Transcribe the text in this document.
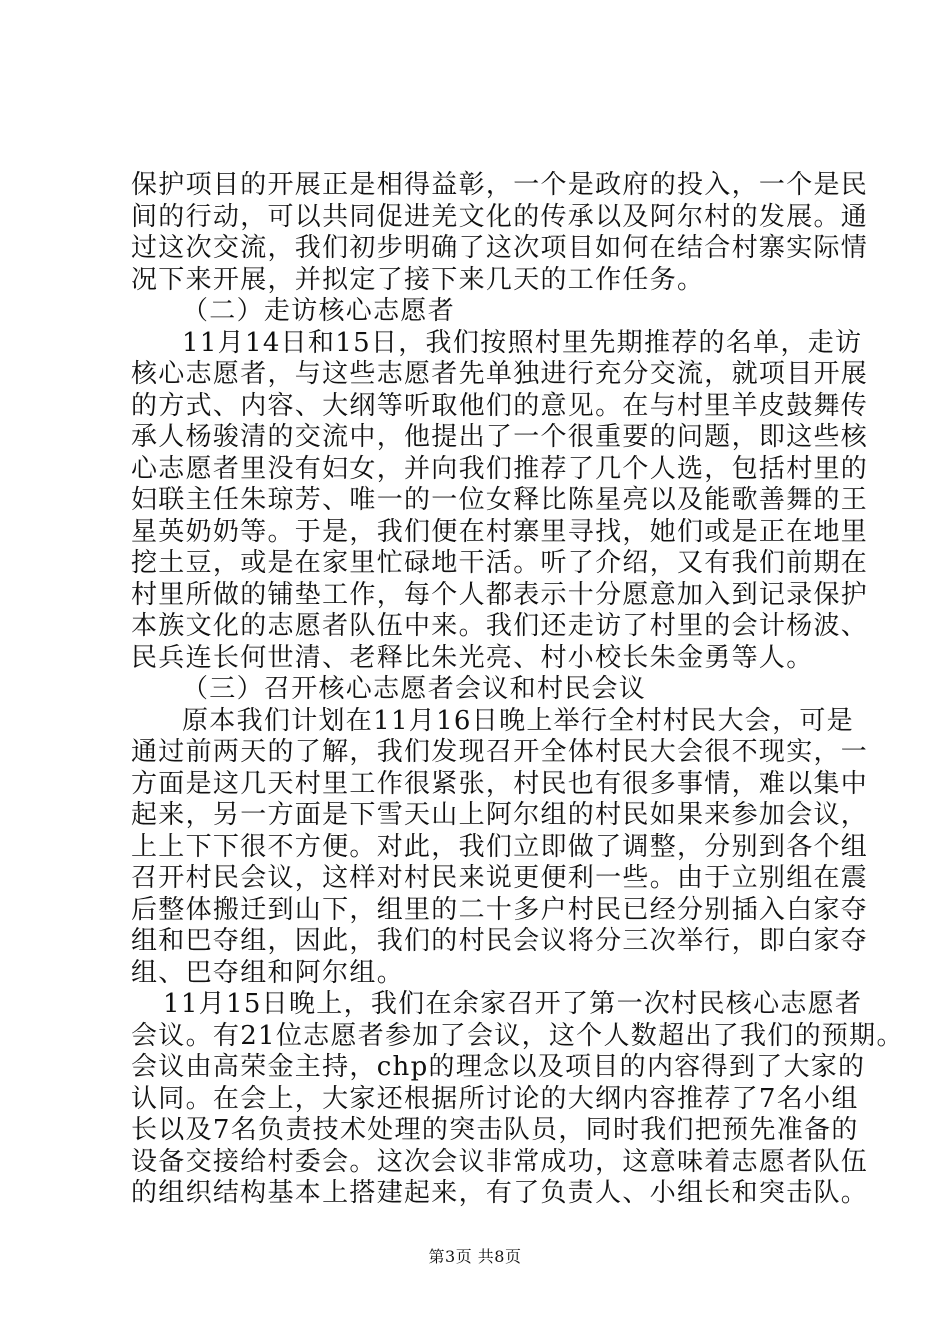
保护项目的开展正是相得益彰，一个是政府的投入，一个是民

间的行动，可以共同促进羌文化的传承以及阿尔村的发展。通

过这次交流，我们初步明确了这次项目如何在结合村寨实际情

况下来开展，并拟定了接下来几天的工作任务。

（二）走访核心志愿者

11月14日和15日，我们按照村里先期推荐的名单，走访

核心志愿者，与这些志愿者先单独进行充分交流，就项目开展

的方式、内容、大纲等听取他们的意见。在与村里羊皮鼓舞传

承人杨骏清的交流中，他提出了一个很重要的问题，即这些核

心志愿者里没有妇女，并向我们推荐了几个人选，包括村里的

妇联主任朱琼芳、唯一的一位女释比陈星亮以及能歌善舞的王

星英奶奶等。于是，我们便在村寨里寻找，她们或是正在地里

挖土豆，或是在家里忙碌地干活。听了介绍，又有我们前期在

村里所做的铺垫工作，每个人都表示十分愿意加入到记录保护

本族文化的志愿者队伍中来。我们还走访了村里的会计杨波、

民兵连长何世清、老释比朱光亮、村小校长朱金勇等人。

（三）召开核心志愿者会议和村民会议

原本我们计划在11月16日晚上举行全村村民大会，可是

通过前两天的了解，我们发现召开全体村民大会很不现实，一

方面是这几天村里工作很紧张，村民也有很多事情，难以集中

起来，另一方面是下雪天山上阿尔组的村民如果来参加会议，

上上下下很不方便。对此，我们立即做了调整，分别到各个组

召开村民会议，这样对村民来说更便利一些。由于立别组在震

后整体搬迁到山下，组里的二十多户村民已经分别插入白家夺

组和巴夺组，因此，我们的村民会议将分三次举行，即白家夺

组、巴夺组和阿尔组。

11月15日晚上，我们在余家召开了第一次村民核心志愿者

会议。有21位志愿者参加了会议，这个人数超出了我们的预期。

会议由高荣金主持，chp的理念以及项目的内容得到了大家的

认同。在会上，大家还根据所讨论的大纲内容推荐了7名小组

长以及7名负责技术处理的突击队员，同时我们把预先准备的

设备交接给村委会。这次会议非常成功，这意味着志愿者队伍

的组织结构基本上搭建起来，有了负责人、小组长和突击队。

第3页 共8页
